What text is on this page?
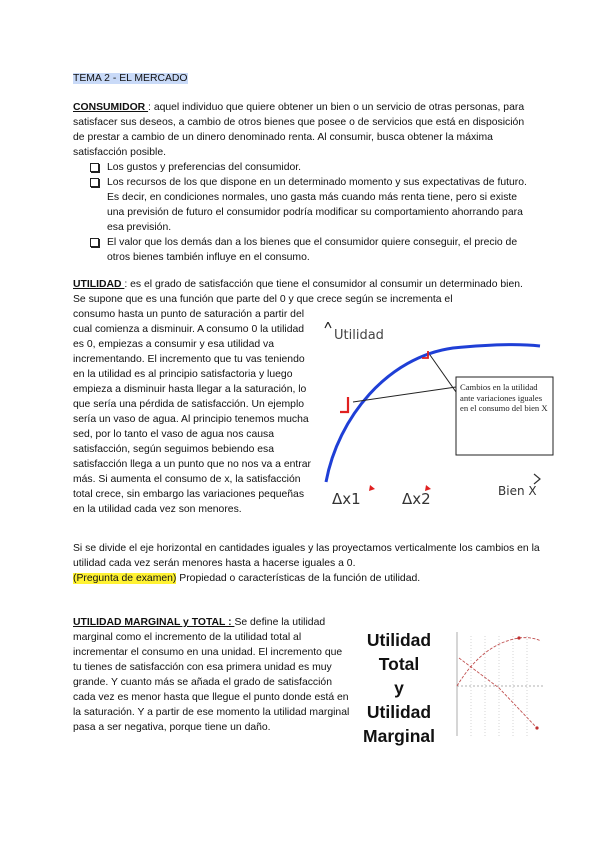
TEMA 2 - EL MERCADO
CONSUMIDOR : aquel individuo que quiere obtener un bien o un servicio de otras personas, para satisfacer sus deseos, a cambio de otros bienes que posee o de servicios que está en disposición de prestar a cambio de un dinero denominado renta. Al consumir, busca obtener la máxima satisfacción posible.
Los gustos y preferencias del consumidor.
Los recursos de los que dispone en un determinado momento y sus expectativas de futuro. Es decir, en condiciones normales, uno gasta más cuando más renta tiene, pero si existe una previsión de futuro el consumidor podría modificar su comportamiento ahorrando para esa previsión.
El valor que los demás dan a los bienes que el consumidor quiere conseguir, el precio de otros bienes también influye en el consumo.
UTILIDAD : es el grado de satisfacción que tiene el consumidor al consumir un determinado bien. Se supone que es una función que parte del 0 y que crece según se incrementa el
consumo hasta un punto de saturación a partir del cual comienza a disminuir. A consumo 0 la utilidad es 0, empiezas a consumir y esa utilidad va incrementando. El incremento que tu vas teniendo en la utilidad es al principio satisfactoria y luego empieza a disminuir hasta llegar a la saturación, lo que sería una pérdida de satisfacción. Un ejemplo sería un vaso de agua. Al principio tenemos mucha sed, por lo tanto el vaso de agua nos causa satisfacción, según seguimos bebiendo esa satisfacción llega a un punto que no nos va a entrar más. Si aumenta el consumo de x, la satisfacción total crece, sin embargo las variaciones pequeñas en la utilidad cada vez son menores.
Si se divide el eje horizontal en cantidades iguales y las proyectamos verticalmente los cambios en la utilidad cada vez serán menores hasta a hacerse iguales a 0.
(Pregunta de examen) Propiedad o características de la función de utilidad.
Utilidad
Cambios en la utilidad ante variaciones iguales en el consumo del bien X
Δx1	Δx2	Bien X
UTILIDAD MARGINAL y TOTAL : Se define la utilidad marginal como el incremento de la utilidad total al incrementar el consumo en una unidad. El incremento que tu tienes de satisfacción con esa primera unidad es muy grande. Y cuanto más se añada el grado de satisfacción cada vez es menor hasta que llegue el punto donde está en la saturación. Y a partir de ese momento la utilidad marginal pasa a ser negativa, porque tiene un daño.
Utilidad
Total
y
Utilidad
Marginal
